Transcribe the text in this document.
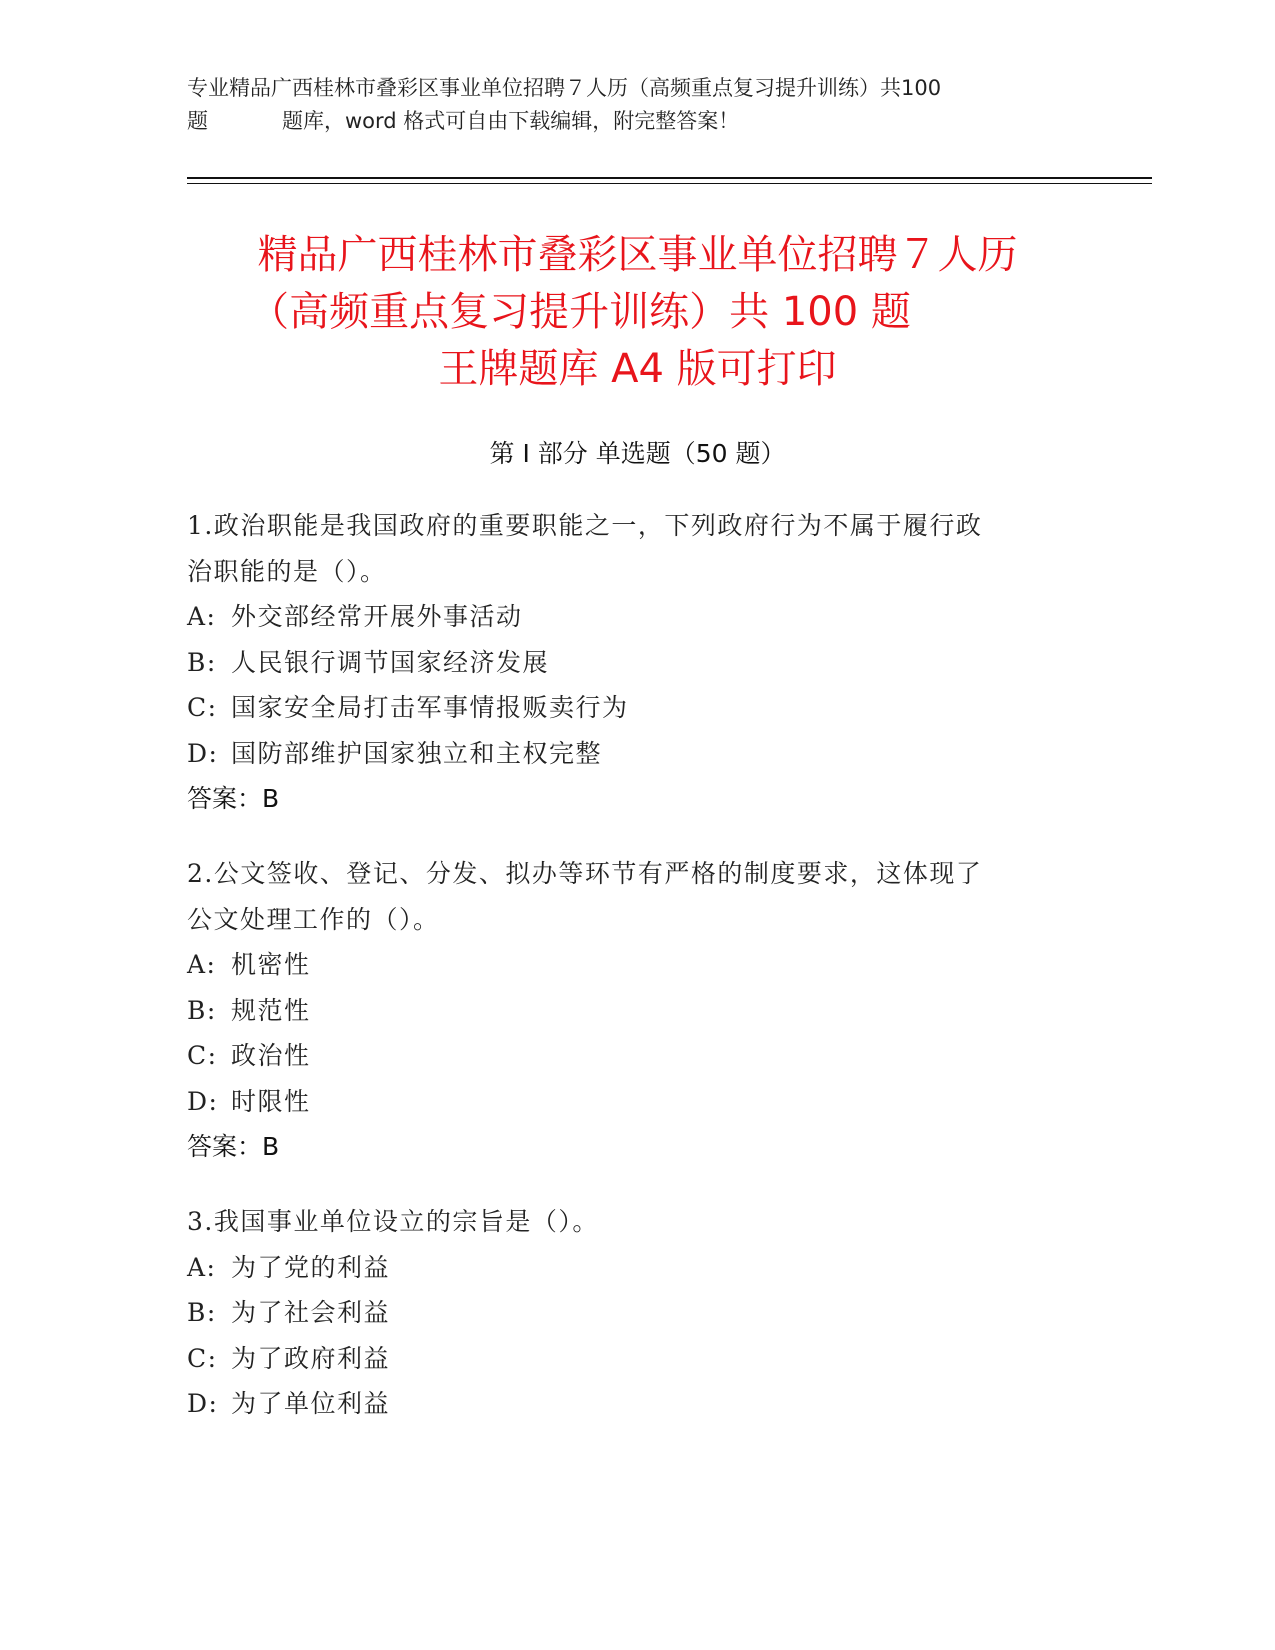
专业精品广西桂林市叠彩区事业单位招聘７人历（高频重点复习提升训练）共100
题	题库，word 格式可自由下载编辑，附完整答案！
精品广西桂林市叠彩区事业单位招聘７人历
（高频重点复习提升训练）共 100 题
王牌题库 A4 版可打印
第 I 部分 单选题（50 题）
1.政治职能是我国政府的重要职能之一，下列政府行为不属于履行政
治职能的是（）。
A: 外交部经常开展外事活动
B: 人民银行调节国家经济发展
C: 国家安全局打击军事情报贩卖行为
D: 国防部维护国家独立和主权完整
答案：B
2.公文签收、登记、分发、拟办等环节有严格的制度要求，这体现了
公文处理工作的（）。
A: 机密性
B: 规范性
C: 政治性
D: 时限性
答案：B
3.我国事业单位设立的宗旨是（）。
A: 为了党的利益
B: 为了社会利益
C: 为了政府利益
D: 为了单位利益
